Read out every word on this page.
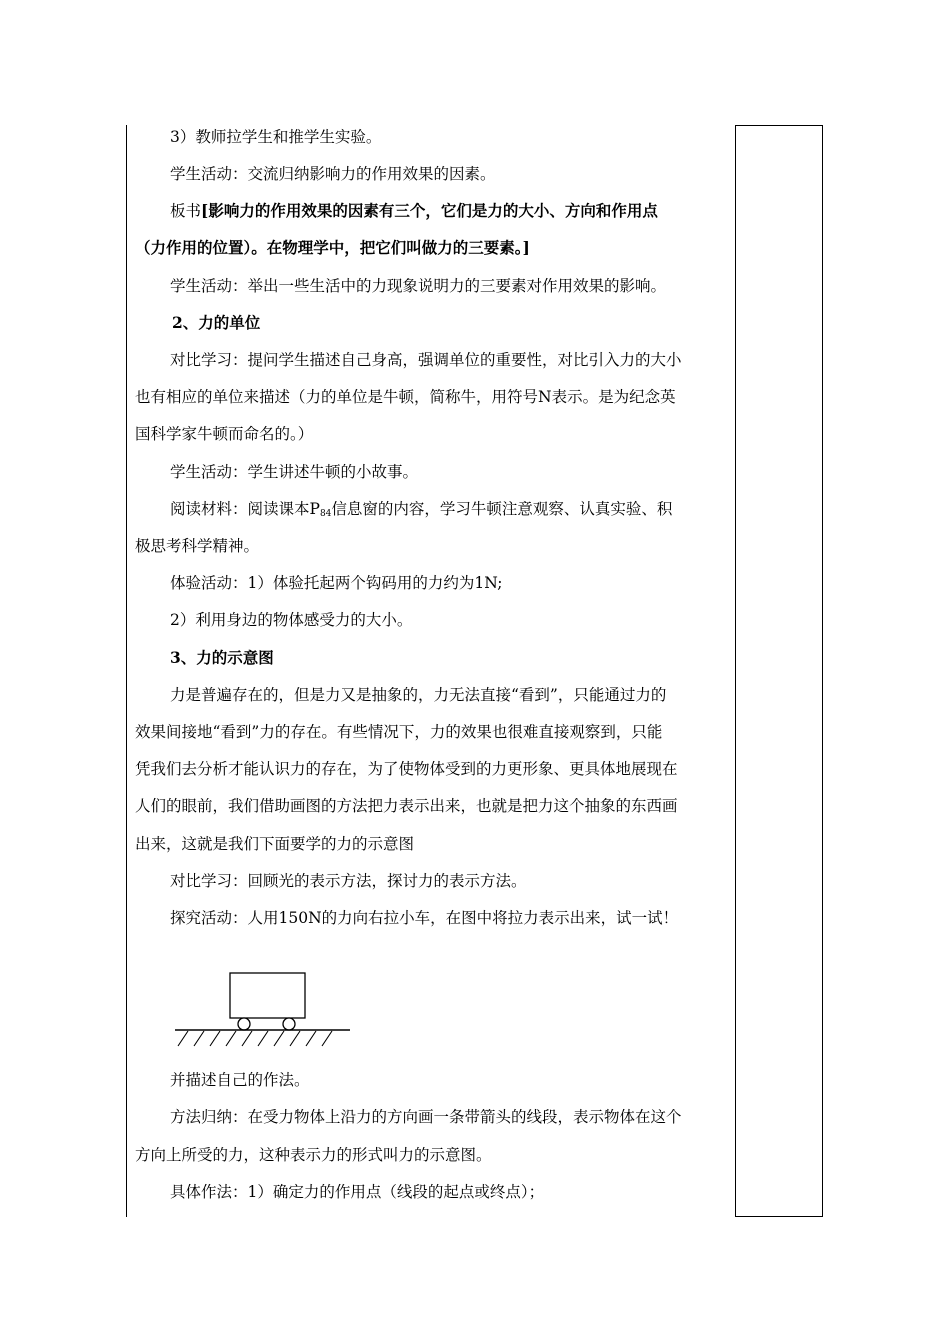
3）教师拉学生和推学生实验。
学生活动：交流归纳影响力的作用效果的因素。
板书[影响力的作用效果的因素有三个，它们是力的大小、方向和作用点
（力作用的位置）。在物理学中，把它们叫做力的三要素。]
学生活动：举出一些生活中的力现象说明力的三要素对作用效果的影响。
2、力的单位
对比学习：提问学生描述自己身高，强调单位的重要性，对比引入力的大小
也有相应的单位来描述（力的单位是牛顿，简称牛，用符号N表示。是为纪念英
国科学家牛顿而命名的。）
学生活动：学生讲述牛顿的小故事。
阅读材料：阅读课本$P_{84}$信息窗的内容，学习牛顿注意观察、认真实验、积
极思考科学精神。
体验活动：1）体验托起两个钩码用的力约为1N;
2）利用身边的物体感受力的大小。
3、力的示意图
力是普遍存在的，但是力又是抽象的，力无法直接“看到”，只能通过力的
效果间接地“看到”力的存在。有些情况下，力的效果也很难直接观察到，只能
凭我们去分析才能认识力的存在，为了使物体受到的力更形象、更具体地展现在
人们的眼前，我们借助画图的方法把力表示出来，也就是把力这个抽象的东西画
出来，这就是我们下面要学的力的示意图
对比学习：回顾光的表示方法，探讨力的表示方法。
探究活动：人用150N的力向右拉小车，在图中将拉力表示出来，试一试！
并描述自己的作法。
方法归纳：在受力物体上沿力的方向画一条带箭头的线段，表示物体在这个
方向上所受的力，这种表示力的形式叫力的示意图。
具体作法：1）确定力的作用点（线段的起点或终点）；
